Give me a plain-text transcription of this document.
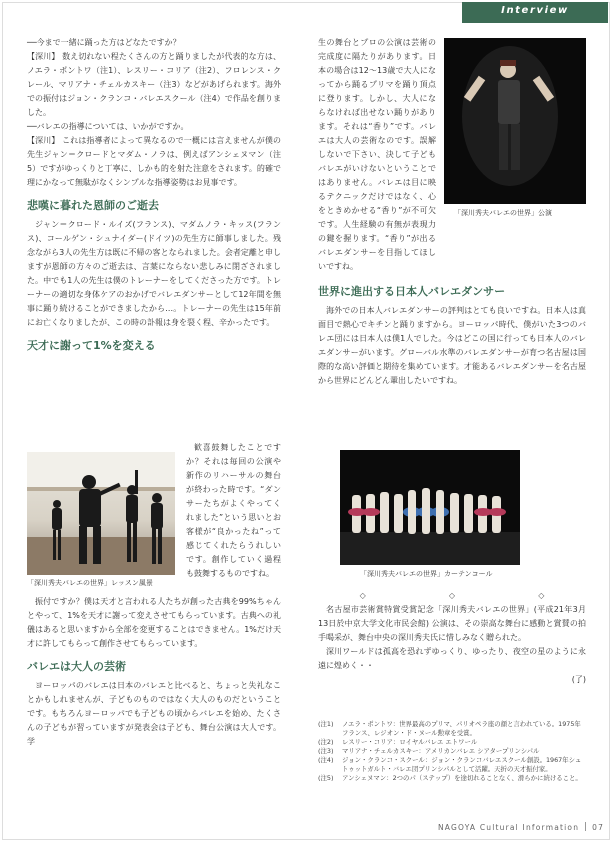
Interview

──今まで一緒に踊った方はどなたですか？

【深川】 数え切れない程たくさんの方と踊りましたが代表的な方は、ノエラ・ポントワ（注1）、レスリー・コリア（注2）、フロレンス・クレール、マリアナ・チェルカスキー（注3）などがあげられます。海外での振付はジョン・クランコ・バレエスクール（注4）で作品を創りました。

──バレエの指導については、いかがですか。

【深川】 これは指導者によって異なるので一概には言えませんが僕の先生ジャン＝クロードとマダム・ノラは、例えばアンシェヌマン（注5）ですがゆっくりと丁寧に、しかも的を射た注意をされます。的確で理にかなって無駄がなくシンプルな指導姿勢はお見事です。

悲嘆に暮れた恩師のご逝去

ジャン＝クロード・ルイズ(フランス)、マダムノラ・キッス(フランス)、コールゲン・シュナイダー(ドイツ)の先生方に師事しました。残念ながら3人の先生方は既に不帰の客となられました。会者定離と申しますが恩師の方々のご逝去は、言葉にならない悲しみに閉ざされました。中でも1人の先生は僕のトレーナーをしてくださった方です。トレーナーの適切な身体ケアのおかげでバレエダンサーとして12年間を無事に踊り続けることができましたから…。トレーナーの先生は15年前にお亡くなりましたが、この時の訃報は身を裂く程、辛かったです。

天才に謝って1%を変える
「深川秀夫バレエの世界」レッスン風景

歓喜鼓舞したことですか？それは毎回の公演や新作のリハーサルの舞台が終わった時です。“ダンサーたちがよくやってくれました”という思いとお客様が“良かったね”って感じてくれたらうれしいです。創作していく過程も鼓舞するものですね。

振付ですか？僕は天才と言われる人たちが創った古典を99%ちゃんとやって、1%を天才に謝って変えさせてもらっています。古典への礼儀はあると思いますから全部を変更することはできません。1%だけ天才に許してもらって創作させてもらっています。

バレエは大人の芸術

ヨーロッパのバレエは日本のバレエと比べると、ちょっと失礼なことかもしれませんが、子どものものではなく大人のものだということです。もちろんヨーロッパでも子どもの頃からバレエを始め、たくさんの子どもが習っていますが発表会は子ども、舞台公演は大人です。学

生の舞台とプロの公演は芸術の完成度に隔たりがあります。日本の場合は12〜13歳で大人になってから踊るプリマを踊り頂点に登ります。しかし、大人にならなければ出せない踊りがあります。それは“香り”です。バレエは大人の芸術なのです。誤解しないで下さい、決して子どもバレエがいけないということではありません。バレエは目に映るテクニックだけではなく、心をときめかせる“香り”が不可欠です。人生経験の有無が表現力の鍵を握ります。“香り”が出るバレエダンサーを目指してほしいですね。

「深川秀夫バレエの世界」公演
世界に進出する日本人バレエダンサー

海外での日本人バレエダンサーの評判はとても良いですね。日本人は真面目で熱心でキチンと踊りますから。ヨーロッパ時代、僕がいた3つのバレエ団には日本人は僕1人でした。今はどこの国に行っても日本人のバレエダンサーがいます。グローバル水準のバレエダンサーが育つ名古屋は国際的な高い評価と期待を集めています。才能あるバレエダンサーを名古屋から世界にどんどん輩出したいですね。

「深川秀夫バレエの世界」カーテンコール
◇	◇	◇

名古屋市芸術賞特賞受賞記念「深川秀夫バレエの世界」(平成21年3月13日於中京大学文化市民会館) 公演は、その崇高な舞台に感動と賞賛の拍手喝采が、舞台中央の深川秀夫氏に惜しみなく贈られた。

深川ワールドは孤高を恐れずゆっくり、ゆったり、夜空の星のように永遠に煌めく・・

(了)

(注1)	ノエラ・ポントワ：世界最高のプリマ、パリオペラ座の顔と言われている。1975年フランス、レジオン・ド・ヌール勲章を受賞。
(注2)	レスリー・コリア：ロイヤルバレエ エトワール
(注3)	マリアナ・チェルカスキー：アメリカンバレエ シアタープリンシパル
(注4)	ジョン・クランコ・スクール：ジョン・クランコバレエスクール創設。1967年シュトゥットガルト・バレエ団プリンシパルとして活躍。天折の天才振付家。
(注5)	アンシェヌマン：2つのパ（ステップ）を途切れることなく、滑らかに続けること。
NAGOYA Cultural Information 07
